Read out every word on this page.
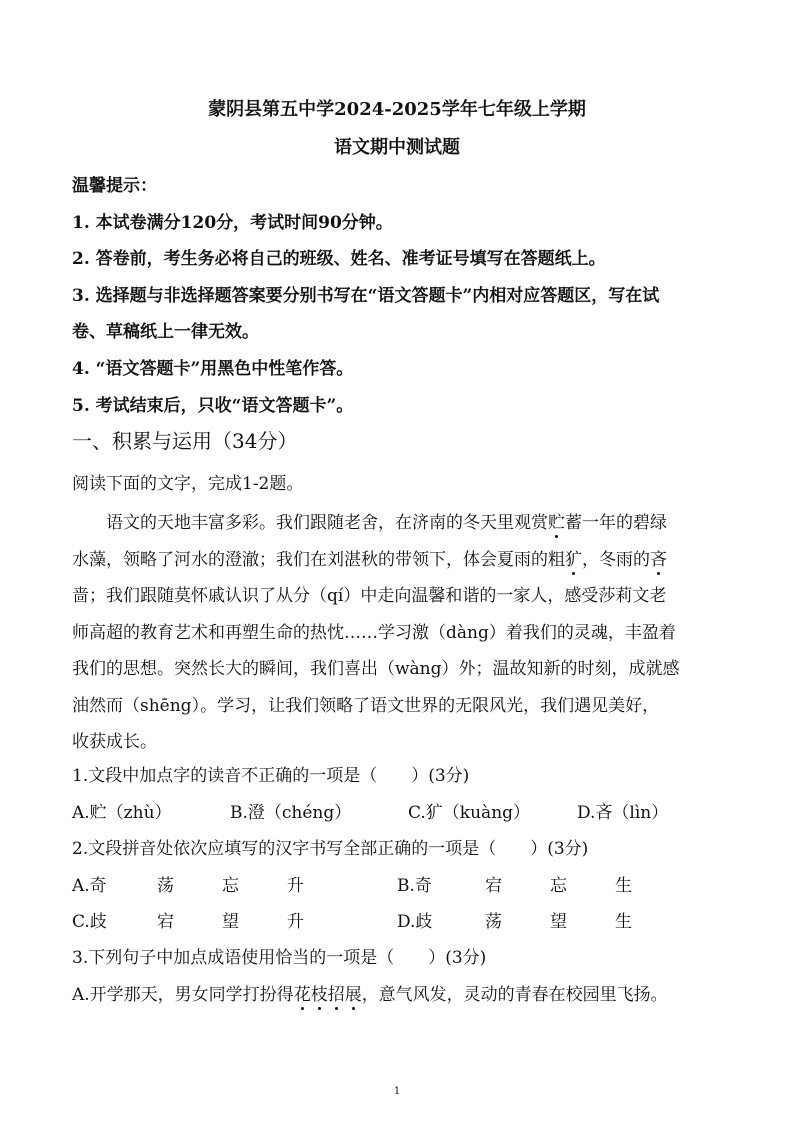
蒙阴县第五中学2024-2025学年七年级上学期
语文期中测试题
温馨提示：
1. 本试卷满分120分，考试时间90分钟。
2. 答卷前，考生务必将自己的班级、姓名、准考证号填写在答题纸上。
3. 选择题与非选择题答案要分别书写在“语文答题卡”内相对应答题区，写在试
卷、草稿纸上一律无效。
4. “语文答题卡”用黑色中性笔作答。
5. 考试结束后，只收“语文答题卡”。
一、积累与运用（34分）
阅读下面的文字，完成1-2题。
语文的天地丰富多彩。我们跟随老舍，在济南的冬天里观赏贮蓄一年的碧绿
水藻，领略了河水的澄澈；我们在刘湛秋的带领下，体会夏雨的粗犷，冬雨的吝
啬；我们跟随莫怀戚认识了从分（qí）中走向温馨和谐的一家人，感受莎莉文老
师高超的教育艺术和再塑生命的热忱……学习激（dàng）着我们的灵魂，丰盈着
我们的思想。突然长大的瞬间，我们喜出（wàng）外；温故知新的时刻，成就感
油然而（shēng）。学习，让我们领略了语文世界的无限风光，我们遇见美好，
收获成长。
1.文段中加点字的读音不正确的一项是（　　）(3分)
A.贮（zhù）	B.澄（chéng）	C.犷（kuàng）	D.吝（lìn）
2.文段拼音处依次应填写的汉字书写全部正确的一项是（　　）(3分)
A.奇	荡	忘	升	B.奇	宕	忘	生
C.歧	宕	望	升	D.歧	荡	望	生
3.下列句子中加点成语使用恰当的一项是（　　）(3分)
A.开学那天，男女同学打扮得花枝招展，意气风发，灵动的青春在校园里飞扬。
1
